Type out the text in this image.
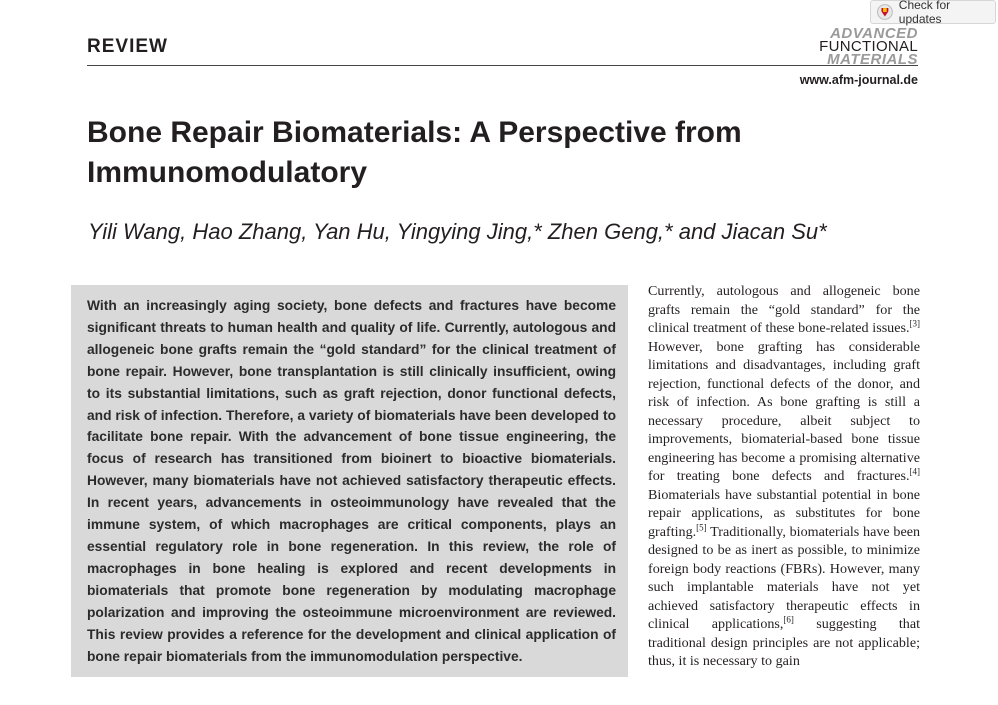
Check for updates
REVIEW
ADVANCED
FUNCTIONAL
MATERIALS
www.afm-journal.de
Bone Repair Biomaterials: A Perspective from Immunomodulatory
Yili Wang, Hao Zhang, Yan Hu, Yingying Jing,* Zhen Geng,* and Jiacan Su*

With an increasingly aging society, bone defects and fractures have become significant threats to human health and quality of life. Currently, autologous and allogeneic bone grafts remain the “gold standard” for the clinical treatment of bone repair. However, bone transplantation is still clinically insufficient, owing to its substantial limitations, such as graft rejection, donor functional defects, and risk of infection. Therefore, a variety of biomaterials have been developed to facilitate bone repair. With the advancement of bone tissue engineering, the focus of research has transitioned from bioinert to bioactive biomaterials. However, many biomaterials have not achieved satisfactory therapeutic effects. In recent years, advancements in osteoimmunology have revealed that the immune system, of which macrophages are critical components, plays an essential regulatory role in bone regeneration. In this review, the role of macrophages in bone healing is explored and recent developments in biomaterials that promote bone regeneration by modulating macrophage polarization and improving the osteoimmune microenvironment are reviewed. This review provides a reference for the development and clinical application of bone repair biomaterials from the immunomodulation perspective.

Currently, autologous and allogeneic bone grafts remain the “gold standard” for the clinical treatment of these bone-related issues.[3] However, bone grafting has considerable limitations and disadvantages, including graft rejection, functional defects of the donor, and risk of infection. As bone grafting is still a necessary procedure, albeit subject to improvements, biomaterial-based bone tissue engineering has become a promising alternative for treating bone defects and fractures.[4] Biomaterials have substantial potential in bone repair applications, as substitutes for bone grafting.[5] Traditionally, biomaterials have been designed to be as inert as possible, to minimize foreign body reactions (FBRs). However, many such implantable materials have not yet achieved satisfactory therapeutic effects in clinical applications,[6] suggesting that traditional design principles are not applicable; thus, it is necessary to gain
